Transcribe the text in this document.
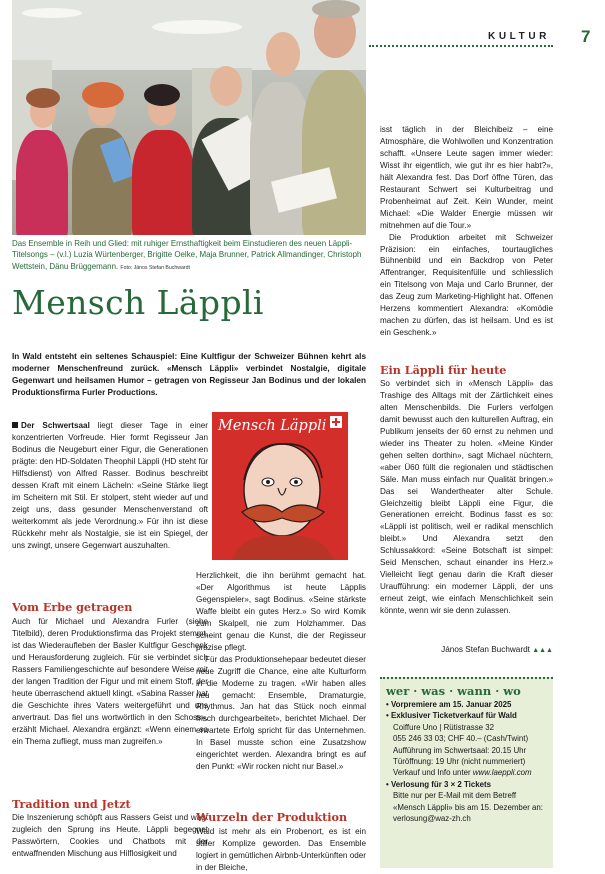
KULTUR 7
Das Ensemble in Reih und Glied: mit ruhiger Ernsthaftigkeit beim Einstudieren des neuen Läppli-Titelsongs – (v.l.) Luzia Würtenberger, Brigitte Oelke, Maja Brunner, Patrick Allmandinger, Christoph Wettstein, Dänu Brüggemann. Foto: János Stefan Buchwardt
Mensch Läppli
In Wald entsteht ein seltenes Schauspiel: Eine Kultfigur der Schweizer Bühnen kehrt als moderner Menschenfreund zurück. «Mensch Läppli» verbindet Nostalgie, digitale Gegenwart und heilsamen Humor – getragen von Regisseur Jan Bodinus und der lokalen Produktionsfirma Furler Productions.
Mensch Läppli

Der Schwertsaal liegt dieser Tage in einer konzentrierten Vorfreude. Hier formt Regisseur Jan Bodinus die Neugeburt einer Figur, die Generationen prägte: den HD-Soldaten Theophil Läppli (HD steht für Hilfsdienst) von Alfred Rasser. Bodinus beschreibt dessen Kraft mit einem Lächeln: «Seine Stärke liegt im Scheitern mit Stil. Er stolpert, steht wieder auf und zeigt uns, dass gesunder Menschenverstand oft weiterkommt als jede Verordnung.» Für ihn ist diese Rückkehr mehr als Nostalgie, sie ist ein Spiegel, der uns zwingt, unsere Gegenwart auszuhalten.

Vom Erbe getragen

Auch für Michael und Alexandra Furler (siehe Titelbild), deren Produktionsfirma das Projekt stemmt, ist das Wiederaufleben der Basler Kultfigur Geschenk und Herausforderung zugleich. Für sie verbindet sich Rassers Familiengeschichte auf besondere Weise mit der langen Tradition der Figur und mit einem Stoff, der heute überraschend aktuell klingt. «Sabina Rasser hat die Geschichte ihres Vaters weitergeführt und uns anvertraut. Das fiel uns wortwörtlich in den Schoss», erzählt Michael. Alexandra ergänzt: «Wenn einem so ein Thema zufliegt, muss man zugreifen.»

Tradition und Jetzt

Die Inszenierung schöpft aus Rassers Geist und wagt zugleich den Sprung ins Heute. Läppli begegnet Passwörtern, Cookies und Chatbots mit der entwaffnenden Mischung aus Hilflosigkeit und

Herzlichkeit, die ihn berühmt gemacht hat. «Der Algorithmus ist heute Läpplis Gegenspieler», sagt Bodinus. «Seine stärkste Waffe bleibt ein gutes Herz.» So wird Komik zum Skalpell, nie zum Holzhammer. Das scheint genau die Kunst, die der Regisseur präzise pflegt.

Für das Produktionsehepaar bedeutet dieser neue Zugriff die Chance, eine alte Kulturform in die Moderne zu tragen. «Wir haben alles neu gemacht: Ensemble, Dramaturgie, Rhythmus. Jan hat das Stück noch einmal frisch durchgearbeitet», berichtet Michael. Der erwartete Erfolg spricht für das Unternehmen. In Basel musste schon eine Zusatzshow eingerichtet werden. Alexandra bringt es auf den Punkt: «Wir rocken nicht nur Basel.»

Wurzeln der Produktion

Wald ist mehr als ein Probenort, es ist ein stiller Komplize geworden. Das Ensemble logiert in gemütlichen Airbnb-Unterkünften oder in der Bleiche,

isst täglich in der Bleichibeiz – eine Atmosphäre, die Wohlwollen und Konzentration schafft. «Unsere Leute sagen immer wieder: Wisst ihr eigentlich, wie gut ihr es hier habt?», hält Alexandra fest. Das Dorf öffne Türen, das Restaurant Schwert sei Kulturbeitrag und Probenheimat auf Zeit. Kein Wunder, meint Michael: «Die Walder Energie müssen wir mitnehmen auf die Tour.»

Die Produktion arbeitet mit Schweizer Präzision: ein einfaches, tourtaugliches Bühnenbild und ein Backdrop von Peter Affentranger, Requisitenfülle und schliesslich ein Titelsong von Maja und Carlo Brunner, der das Zeug zum Marketing-Highlight hat. Offenen Herzens kommentiert Alexandra: «Komödie machen zu dürfen, das ist heilsam. Und es ist ein Geschenk.»

Ein Läppli für heute

So verbindet sich in «Mensch Läppli» das Trashige des Alltags mit der Zärtlichkeit eines alten Menschenbilds. Die Furlers verfolgen damit bewusst auch den kulturellen Auftrag, ein Publikum jenseits der 60 ernst zu nehmen und wieder ins Theater zu holen. «Meine Kinder gehen selten dorthin», sagt Michael nüchtern, «aber Ü60 füllt die regionalen und städtischen Säle. Man muss einfach nur Qualität bringen.» Das sei Wandertheater alter Schule. Gleichzeitig bleibt Läppli eine Figur, die Generationen erreicht. Bodinus fasst es so: «Läppli ist politisch, weil er radikal menschlich bleibt.» Und Alexandra setzt den Schlussakkord: «Seine Botschaft ist simpel: Seid Menschen, schaut einander ins Herz.» Vielleicht liegt genau darin die Kraft dieser Uraufführung: ein moderner Läppli, der uns erneut zeigt, wie einfach Menschlichkeit sein könnte, wenn wir sie denn zulassen.

János Stefan Buchwardt ▲▲▲
wer · was · wann · wo
• Vorpremiere am 15. Januar 2025
• Exklusiver Ticketverkauf für Wald
Coiffure Uno | Rütistrasse 32
055 246 33 03; CHF 40.– (Cash/Twint)
Aufführung im Schwertsaal: 20.15 Uhr
Türöffnung: 19 Uhr (nicht nummeriert)
Verkauf und Info unter www.laeppli.com
• Verlosung für 3 × 2 Tickets
Bitte nur per E-Mail mit dem Betreff
«Mensch Läppli» bis am 15. Dezember an:
verlosung@waz-zh.ch
